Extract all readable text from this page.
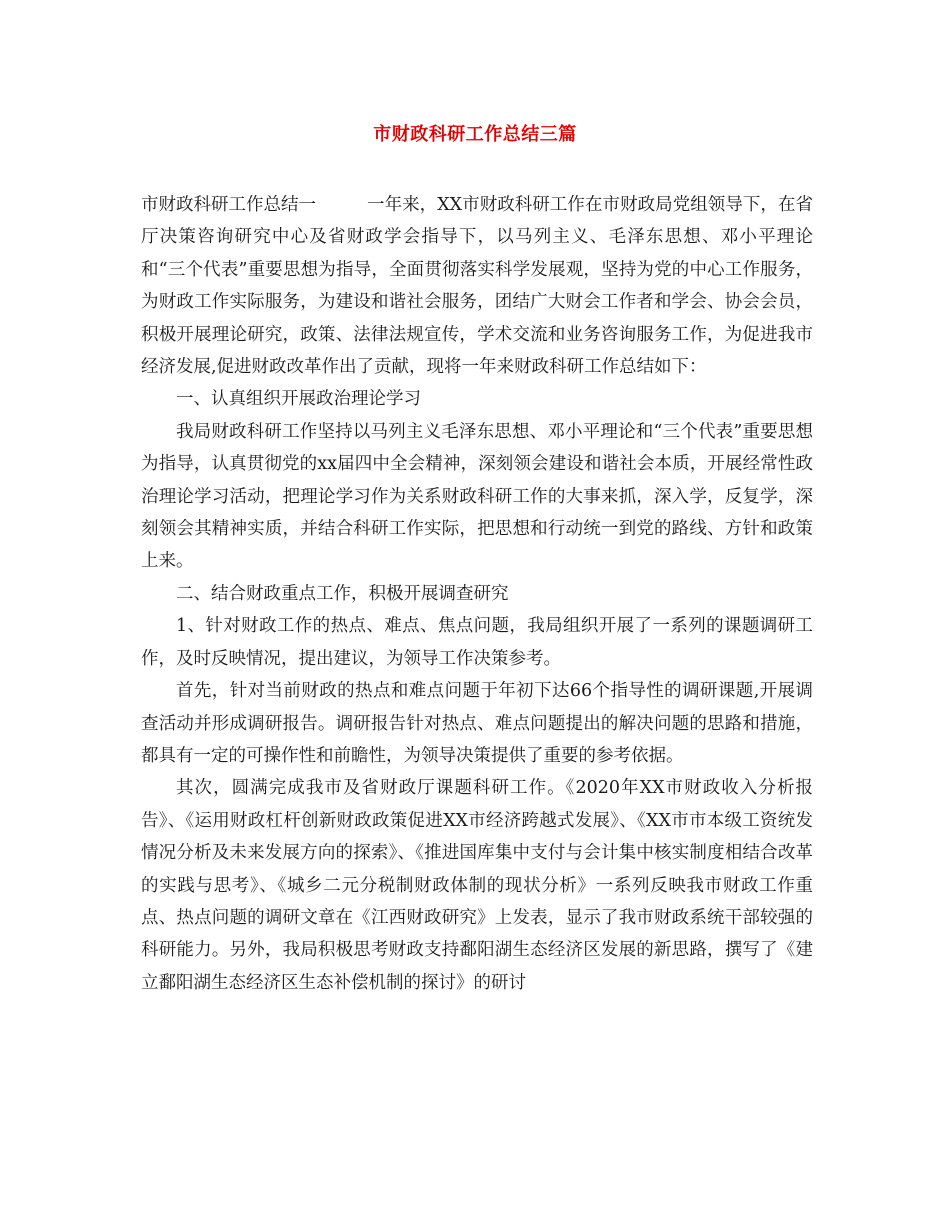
市财政科研工作总结三篇

市财政科研工作总结一	一年来，XX市财政科研工作在市财政局党组领导下，在省厅决策咨询研究中心及省财政学会指导下，以马列主义、毛泽东思想、邓小平理论和“三个代表”重要思想为指导，全面贯彻落实科学发展观，坚持为党的中心工作服务，为财政工作实际服务，为建设和谐社会服务，团结广大财会工作者和学会、协会会员，积极开展理论研究，政策、法律法规宣传，学术交流和业务咨询服务工作，为促进我市经济发展,促进财政改革作出了贡献，现将一年来财政科研工作总结如下：

一、认真组织开展政治理论学习

我局财政科研工作坚持以马列主义毛泽东思想、邓小平理论和“三个代表”重要思想为指导，认真贯彻党的xx届四中全会精神，深刻领会建设和谐社会本质，开展经常性政治理论学习活动，把理论学习作为关系财政科研工作的大事来抓，深入学，反复学，深刻领会其精神实质，并结合科研工作实际，把思想和行动统一到党的路线、方针和政策上来。

二、结合财政重点工作，积极开展调查研究

1、针对财政工作的热点、难点、焦点问题，我局组织开展了一系列的课题调研工作，及时反映情况，提出建议，为领导工作决策参考。

首先，针对当前财政的热点和难点问题于年初下达66个指导性的调研课题,开展调查活动并形成调研报告。调研报告针对热点、难点问题提出的解决问题的思路和措施，都具有一定的可操作性和前瞻性，为领导决策提供了重要的参考依据。

其次，圆满完成我市及省财政厅课题科研工作。《2020年XX市财政收入分析报告》、《运用财政杠杆创新财政政策促进XX市经济跨越式发展》、《XX市市本级工资统发情况分析及未来发展方向的探索》、《推进国库集中支付与会计集中核实制度相结合改革的实践与思考》、《城乡二元分税制财政体制的现状分析》一系列反映我市财政工作重点、热点问题的调研文章在《江西财政研究》上发表，显示了我市财政系统干部较强的科研能力。另外，我局积极思考财政支持鄱阳湖生态经济区发展的新思路，撰写了《建立鄱阳湖生态经济区生态补偿机制的探讨》的研讨
